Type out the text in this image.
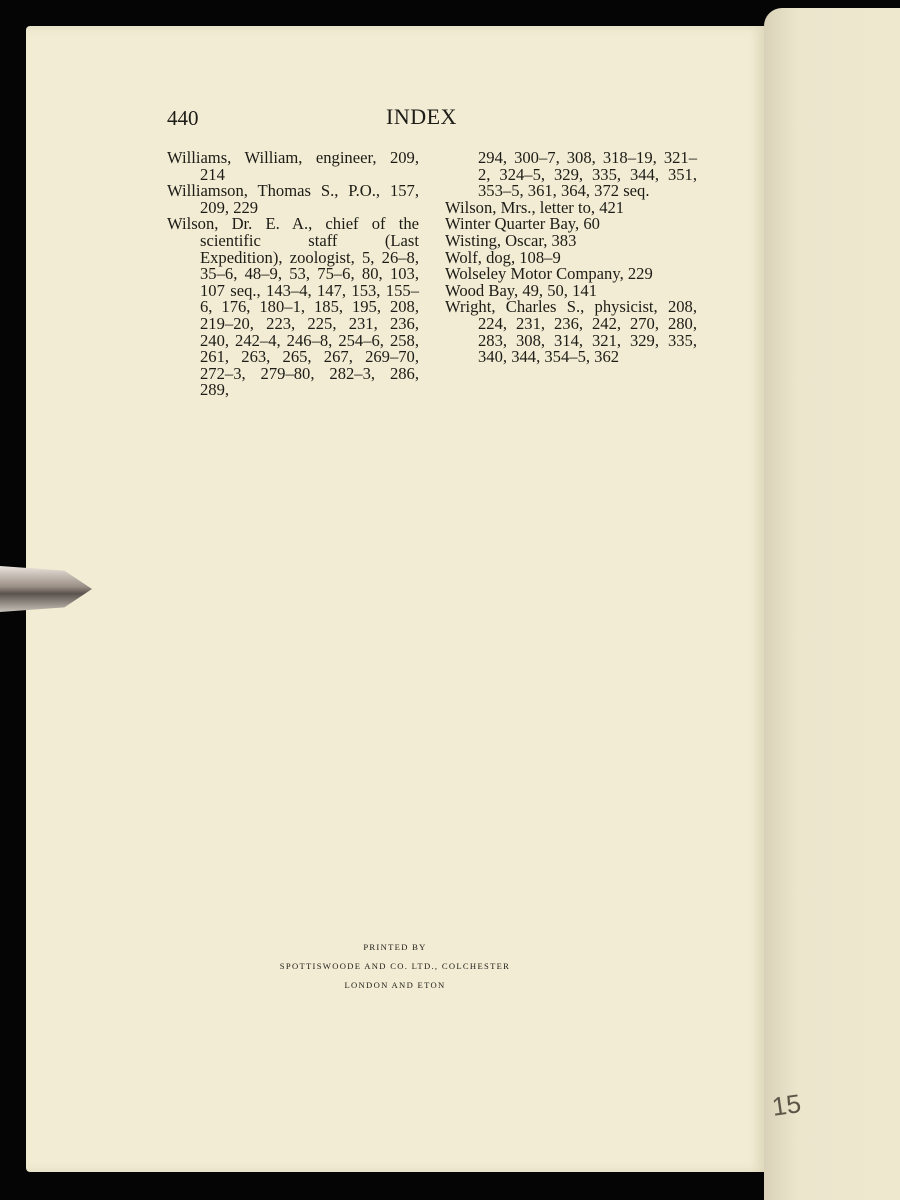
440	INDEX

Williams, William, engineer, 209, 214

Williamson, Thomas S., P.O., 157, 209, 229

Wilson, Dr. E. A., chief of the scientific staff (Last Expedition), zoologist, 5, 26–8, 35–6, 48–9, 53, 75–6, 80, 103, 107 seq., 143–4, 147, 153, 155–6, 176, 180–1, 185, 195, 208, 219–20, 223, 225, 231, 236, 240, 242–4, 246–8, 254–6, 258, 261, 263, 265, 267, 269–70, 272–3, 279–80, 282–3, 286, 289,

294, 300–7, 308, 318–19, 321–2, 324–5, 329, 335, 344, 351, 353–5, 361, 364, 372 seq.

Wilson, Mrs., letter to, 421

Winter Quarter Bay, 60

Wisting, Oscar, 383

Wolf, dog, 108–9

Wolseley Motor Company, 229

Wood Bay, 49, 50, 141

Wright, Charles S., physicist, 208, 224, 231, 236, 242, 270, 280, 283, 308, 314, 321, 329, 335, 340, 344, 354–5, 362

PRINTED BY
SPOTTISWOODE AND CO. LTD., COLCHESTER
LONDON AND ETON
15
